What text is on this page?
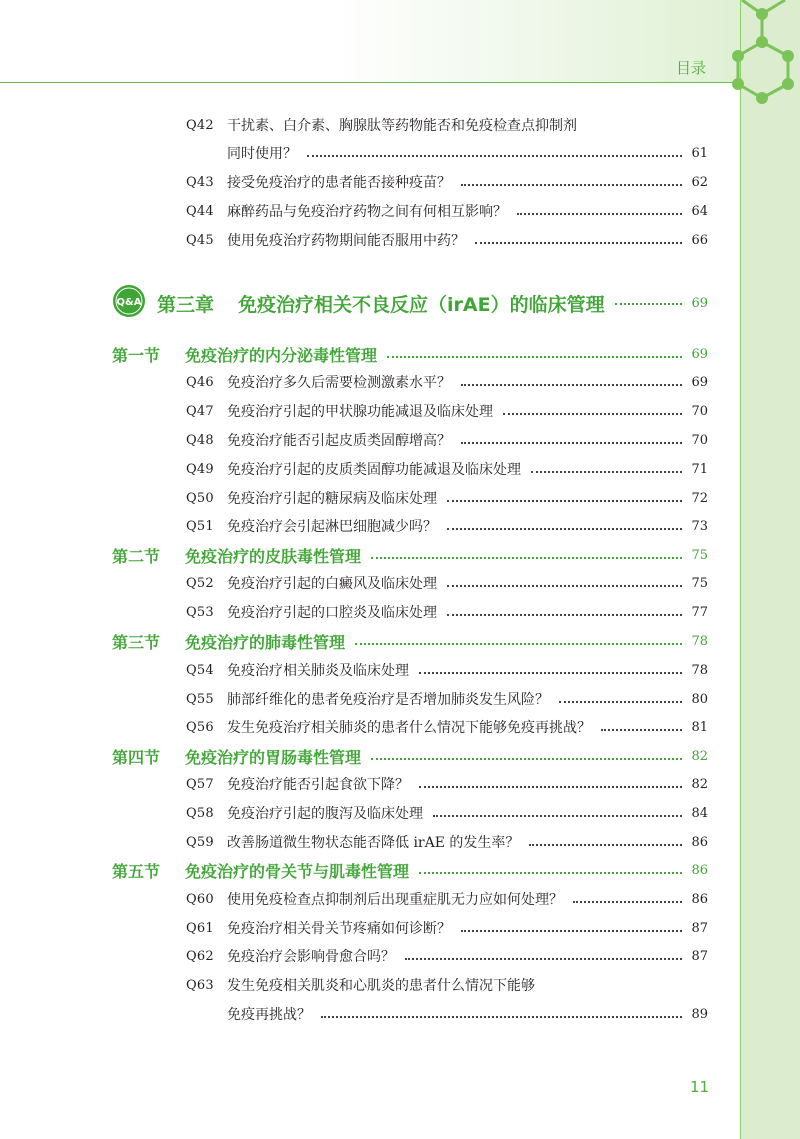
目录
Q42 干扰素、白介素、胸腺肽等药物能否和免疫检查点抑制剂
同时使用？	61
Q43 接受免疫治疗的患者能否接种疫苗？	62
Q44 麻醉药品与免疫治疗药物之间有何相互影响？	64
Q45 使用免疫治疗药物期间能否服用中药？	66
第三章 免疫治疗相关不良反应（irAE）的临床管理	69
第一节 免疫治疗的内分泌毒性管理	69
Q46 免疫治疗多久后需要检测激素水平？	69
Q47 免疫治疗引起的甲状腺功能减退及临床处理	70
Q48 免疫治疗能否引起皮质类固醇增高？	70
Q49 免疫治疗引起的皮质类固醇功能减退及临床处理	71
Q50 免疫治疗引起的糖尿病及临床处理	72
Q51 免疫治疗会引起淋巴细胞减少吗？	73
第二节 免疫治疗的皮肤毒性管理	75
Q52 免疫治疗引起的白癜风及临床处理	75
Q53 免疫治疗引起的口腔炎及临床处理	77
第三节 免疫治疗的肺毒性管理	78
Q54 免疫治疗相关肺炎及临床处理	78
Q55 肺部纤维化的患者免疫治疗是否增加肺炎发生风险？	80
Q56 发生免疫治疗相关肺炎的患者什么情况下能够免疫再挑战？	81
第四节 免疫治疗的胃肠毒性管理	82
Q57 免疫治疗能否引起食欲下降？	82
Q58 免疫治疗引起的腹泻及临床处理	84
Q59 改善肠道微生物状态能否降低 irAE 的发生率？	86
第五节 免疫治疗的骨关节与肌毒性管理	86
Q60 使用免疫检查点抑制剂后出现重症肌无力应如何处理？	86
Q61 免疫治疗相关骨关节疼痛如何诊断？	87
Q62 免疫治疗会影响骨愈合吗？	87
Q63 发生免疫相关肌炎和心肌炎的患者什么情况下能够
免疫再挑战？	89
11
Q&A
